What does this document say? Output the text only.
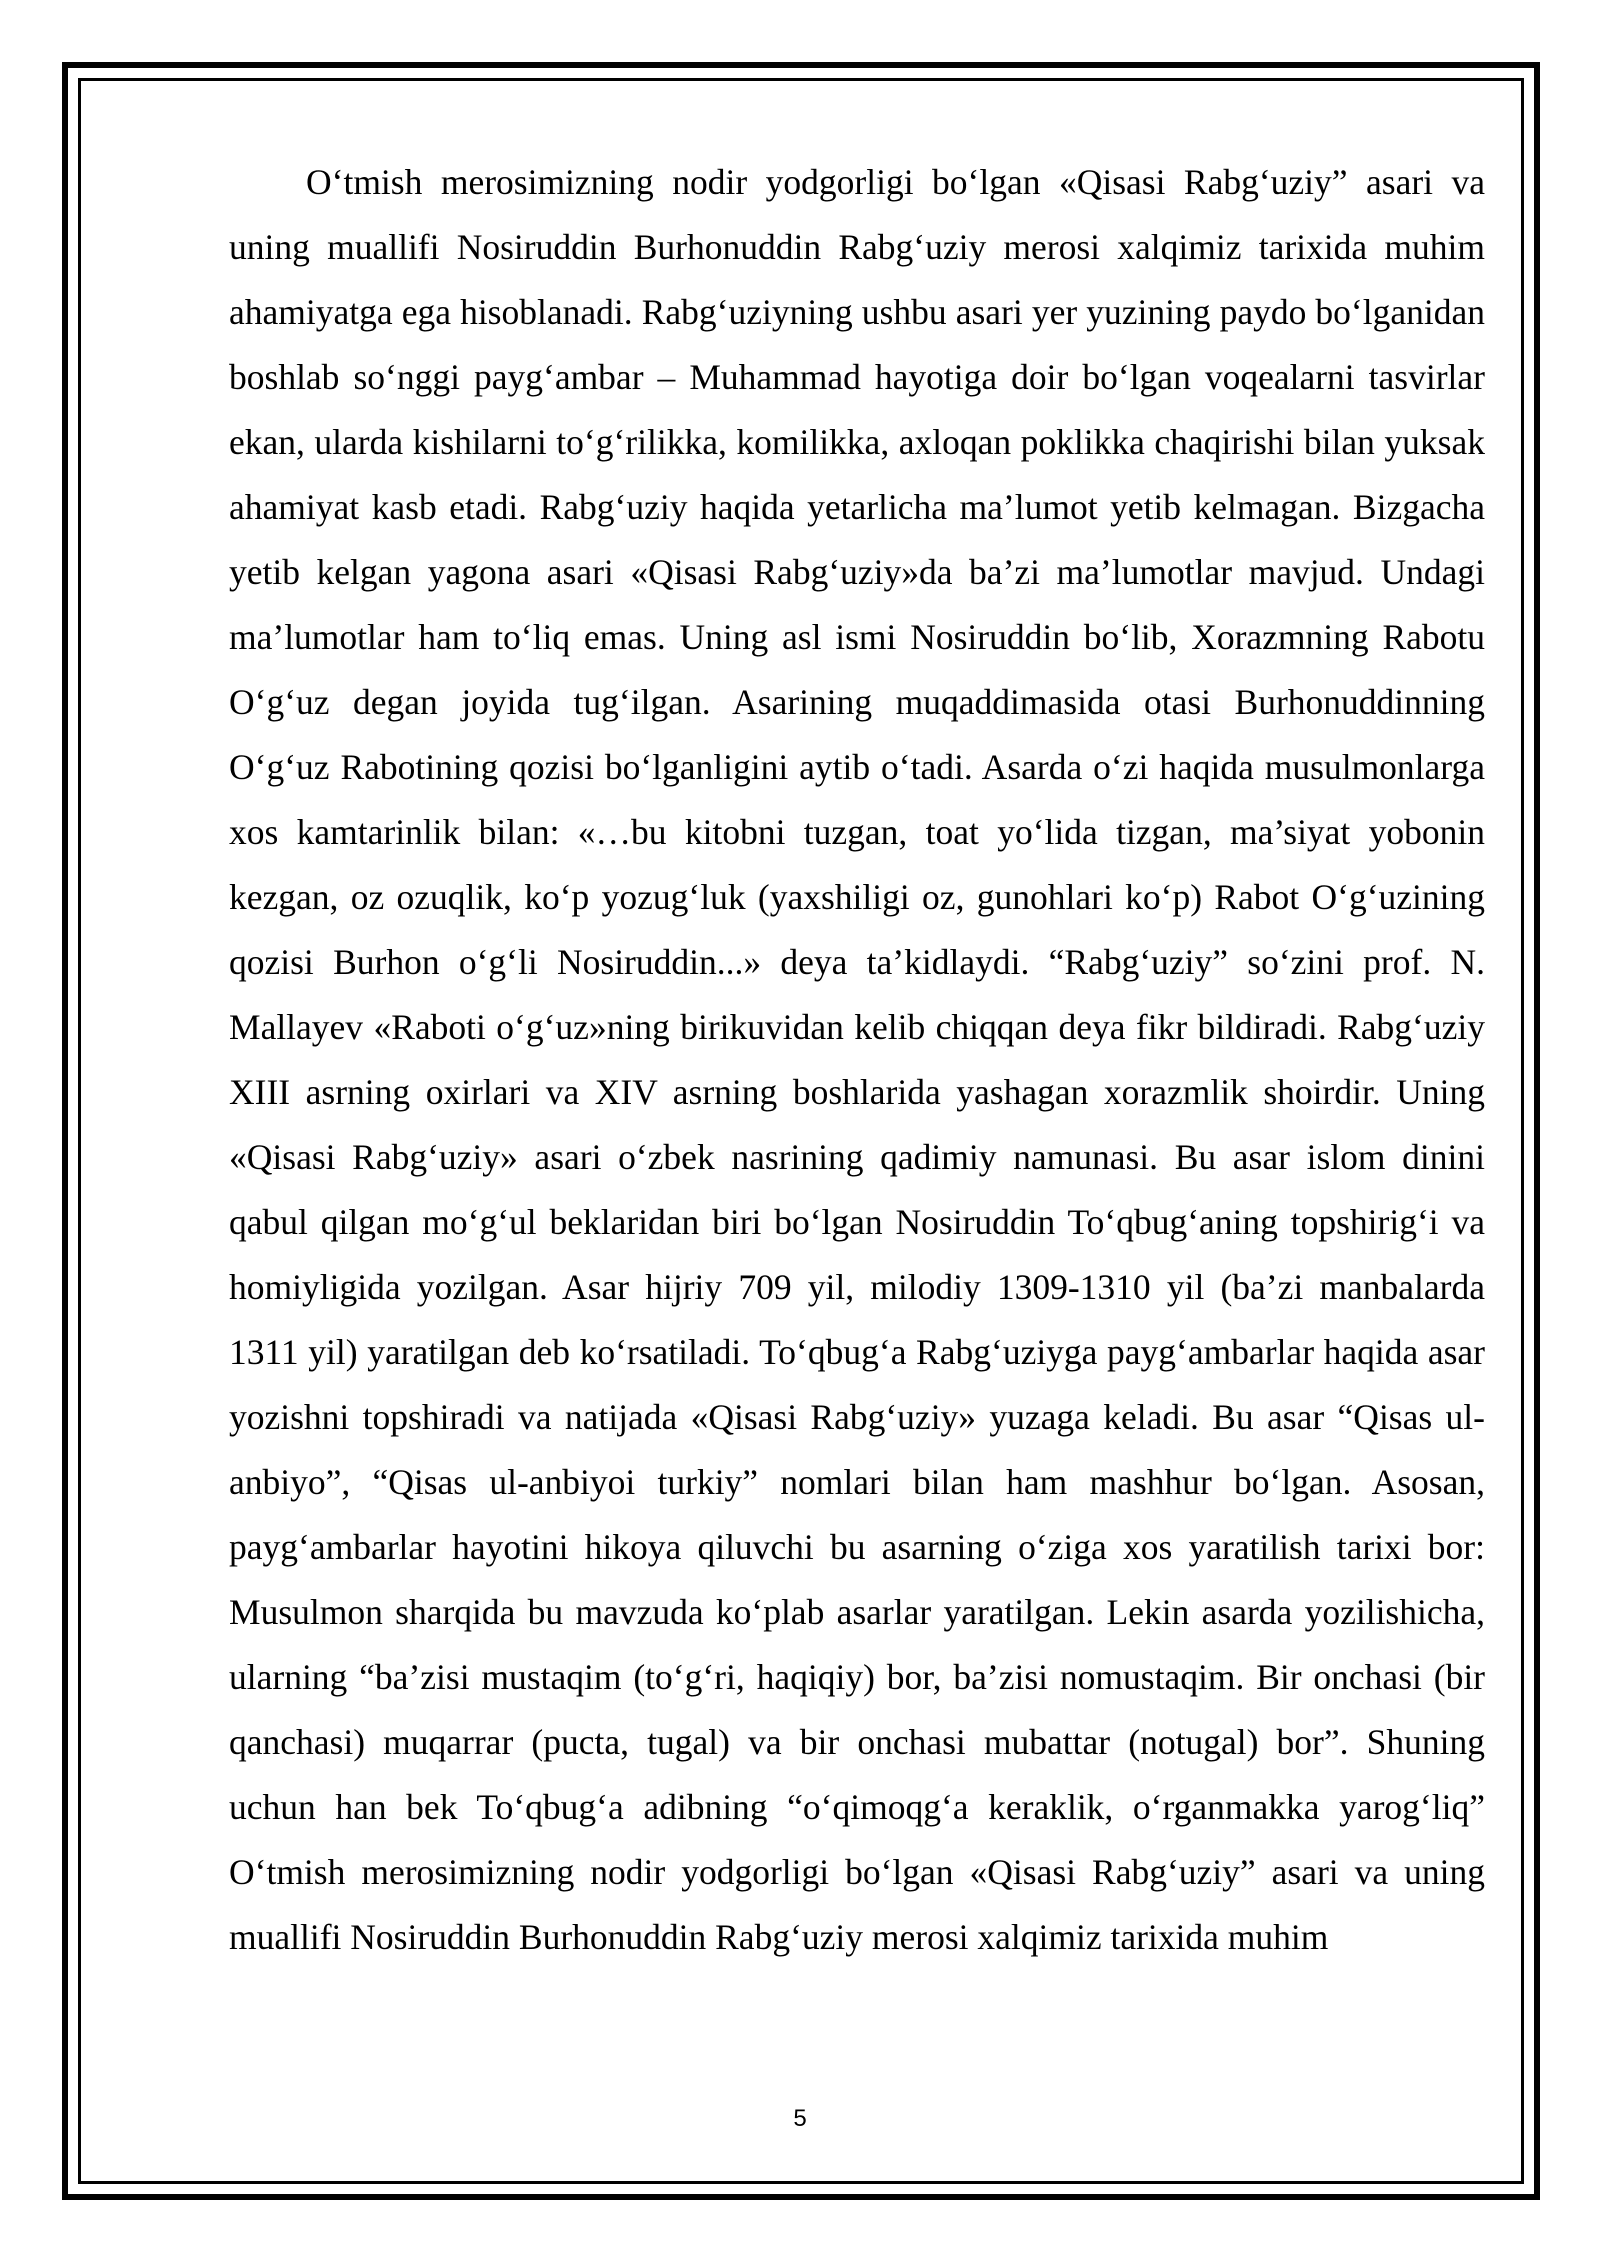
O‘tmish merosimizning nodir yodgorligi bo‘lgan «Qisasi Rabg‘uziy” asari va uning muallifi Nosiruddin Burhonuddin Rabg‘uziy merosi xalqimiz tarixida muhim ahamiyatga ega hisoblanadi. Rabg‘uziyning ushbu asari yer yuzining paydo bo‘lganidan boshlab so‘nggi payg‘ambar – Muhammad hayotiga doir bo‘lgan voqealarni tasvirlar ekan, ularda kishilarni to‘g‘rilikka, komilikka, axloqan poklikka chaqirishi bilan yuksak ahamiyat kasb etadi. Rabg‘uziy haqida yetarlicha ma’lumot yetib kelmagan. Bizgacha yetib kelgan yagona asari «Qisasi Rabg‘uziy»da ba’zi ma’lumotlar mavjud. Undagi ma’lumotlar ham to‘liq emas. Uning asl ismi Nosiruddin bo‘lib, Xorazmning Rabotu O‘g‘uz degan joyida tug‘ilgan. Asarining muqaddimasida otasi Burhonuddinning O‘g‘uz Rabotining qozisi bo‘lganligini aytib o‘tadi. Asarda o‘zi haqida musulmonlarga xos kamtarinlik bilan: «…bu kitobni tuzgan, toat yo‘lida tizgan, ma’siyat yobonin kezgan, oz ozuqlik, ko‘p yozug‘luk (yaxshiligi oz, gunohlari ko‘p) Rabot O‘g‘uzining qozisi Burhon o‘g‘li Nosiruddin...» deya ta’kidlaydi. “Rabg‘uziy” so‘zini prof. N. Mallayev «Raboti o‘g‘uz»ning birikuvidan kelib chiqqan deya fikr bildiradi. Rabg‘uziy XIII asrning oxirlari va XIV asrning boshlarida yashagan xorazmlik shoirdir. Uning «Qisasi Rabg‘uziy» asari o‘zbek nasrining qadimiy namunasi. Bu asar islom dinini qabul qilgan mo‘g‘ul beklaridan biri bo‘lgan Nosiruddin To‘qbug‘aning topshirig‘i va homiyligida yozilgan. Asar hijriy 709 yil, milodiy 1309-1310 yil (ba’zi manbalarda 1311 yil) yaratilgan deb ko‘rsatiladi. To‘qbug‘a Rabg‘uziyga payg‘ambarlar haqida asar yozishni topshiradi va natijada «Qisasi Rabg‘uziy» yuzaga keladi. Bu asar “Qisas ul-anbiyo”, “Qisas ul-anbiyoi turkiy” nomlari bilan ham mashhur bo‘lgan. Asosan, payg‘ambarlar hayotini hikoya qiluvchi bu asarning o‘ziga xos yaratilish tarixi bor: Musulmon sharqida bu mavzuda ko‘plab asarlar yaratilgan. Lekin asarda yozilishicha, ularning “ba’zisi mustaqim (to‘g‘ri, haqiqiy) bor, ba’zisi nomustaqim. Bir onchasi (bir qanchasi) muqarrar (pucta, tugal) va bir onchasi mubattar (notugal) bor”. Shuning uchun han bek To‘qbug‘a adibning “o‘qimoqg‘a keraklik, o‘rganmakka yarog‘liq” O‘tmish merosimizning nodir yodgorligi bo‘lgan «Qisasi Rabg‘uziy” asari va uning muallifi Nosiruddin Burhonuddin Rabg‘uziy merosi xalqimiz tarixida muhim

5
